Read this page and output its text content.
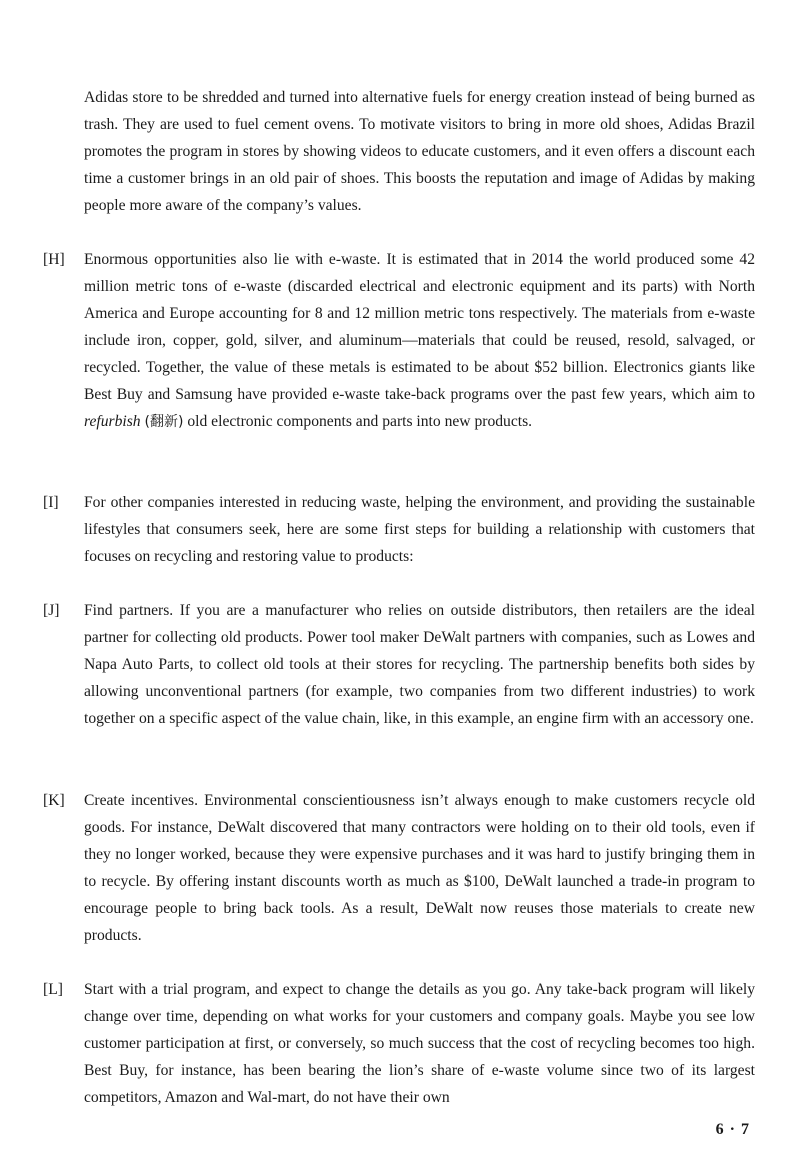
Adidas store to be shredded and turned into alternative fuels for energy creation instead of being burned as trash. They are used to fuel cement ovens. To motivate visitors to bring in more old shoes, Adidas Brazil promotes the program in stores by showing videos to educate customers, and it even offers a discount each time a customer brings in an old pair of shoes. This boosts the reputation and image of Adidas by making people more aware of the company’s values.

[H]	Enormous opportunities also lie with e-waste. It is estimated that in 2014 the world produced some 42 million metric tons of e-waste (discarded electrical and electronic equipment and its parts) with North America and Europe accounting for 8 and 12 million metric tons respectively. The materials from e-waste include iron, copper, gold, silver, and aluminum—materials that could be reused, resold, salvaged, or recycled. Together, the value of these metals is estimated to be about $52 billion. Electronics giants like Best Buy and Samsung have provided e-waste take-back programs over the past few years, which aim to refurbish (翻新) old electronic components and parts into new products.

[I]	For other companies interested in reducing waste, helping the environment, and providing the sustainable lifestyles that consumers seek, here are some first steps for building a relationship with customers that focuses on recycling and restoring value to products:

[J]	Find partners. If you are a manufacturer who relies on outside distributors, then retailers are the ideal partner for collecting old products. Power tool maker DeWalt partners with companies, such as Lowes and Napa Auto Parts, to collect old tools at their stores for recycling. The partnership benefits both sides by allowing unconventional partners (for example, two companies from two different industries) to work together on a specific aspect of the value chain, like, in this example, an engine firm with an accessory one.

[K]	Create incentives. Environmental conscientiousness isn’t always enough to make customers recycle old goods. For instance, DeWalt discovered that many contractors were holding on to their old tools, even if they no longer worked, because they were expensive purchases and it was hard to justify bringing them in to recycle. By offering instant discounts worth as much as $100, DeWalt launched a trade-in program to encourage people to bring back tools. As a result, DeWalt now reuses those materials to create new products.

[L]	Start with a trial program, and expect to change the details as you go. Any take-back program will likely change over time, depending on what works for your customers and company goals. Maybe you see low customer participation at first, or conversely, so much success that the cost of recycling becomes too high. Best Buy, for instance, has been bearing the lion’s share of e-waste volume since two of its largest competitors, Amazon and Wal-mart, do not have their own

6 · 7
